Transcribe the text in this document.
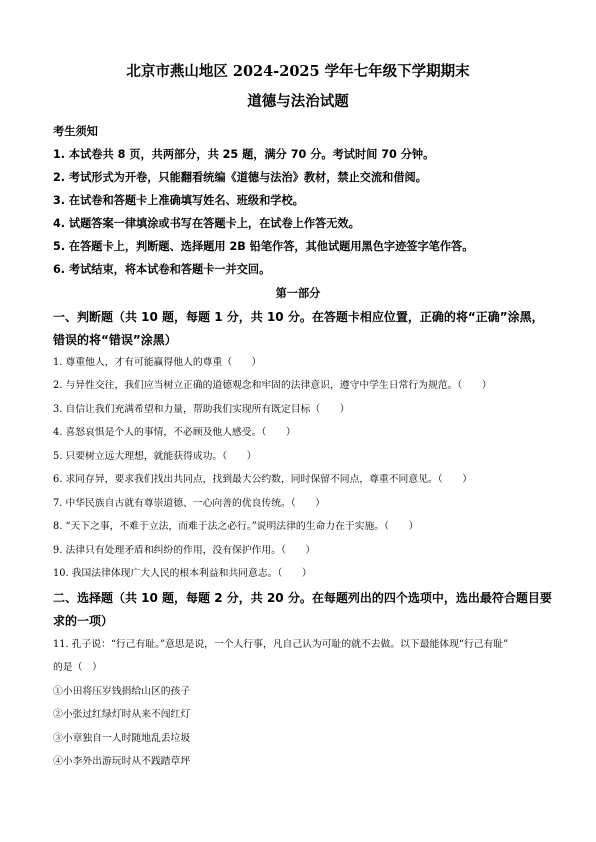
北京市燕山地区 2024-2025 学年七年级下学期期末
道德与法治试题
考生须知
1. 本试卷共 8 页，共两部分，共 25 题，满分 70 分。考试时间 70 分钟。
2. 考试形式为开卷，只能翻看统编《道德与法治》教材，禁止交流和借阅。
3. 在试卷和答题卡上准确填写姓名、班级和学校。
4. 试题答案一律填涂或书写在答题卡上，在试卷上作答无效。
5. 在答题卡上，判断题、选择题用 2B 铅笔作答，其他试题用黑色字迹签字笔作答。
6. 考试结束，将本试卷和答题卡一并交回。
第一部分
一、判断题（共 10 题，每题 1 分，共 10 分。在答题卡相应位置，正确的将“正确”涂黑，
错误的将“错误”涂黑）
1. 尊重他人，才有可能赢得他人的尊重（　　）
2. 与异性交往，我们应当树立正确的道德观念和牢固的法律意识，遵守中学生日常行为规范。（　　）
3. 自信让我们充满希望和力量，帮助我们实现所有既定目标（　　）
4. 喜怒哀惧是个人的事情，不必顾及他人感受。（　　）
5. 只要树立远大理想，就能获得成功。（　　）
6. 求同存异，要求我们找出共同点，找到最大公约数，同时保留不同点，尊重不同意见。（　　）
7. 中华民族自古就有尊崇道德、一心向善的优良传统。（　　）
8. “天下之事，不难于立法，而难于法之必行。”说明法律的生命力在于实施。（　　）
9. 法律只有处理矛盾和纠纷的作用，没有保护作用。（　　）
10. 我国法律体现广大人民的根本利益和共同意志。（　　）
二、选择题（共 10 题，每题 2 分，共 20 分。在每题列出的四个选项中，选出最符合题目要
求的一项）
11. 孔子说：“行己有耻。”意思是说，一个人行事，凡自己认为可耻的就不去做。以下最能体现“行己有耻”
的是（　）
①小田将压岁钱捐给山区的孩子
②小张过红绿灯时从来不闯红灯
③小章独自一人时随地乱丢垃圾
④小李外出游玩时从不践踏草坪
